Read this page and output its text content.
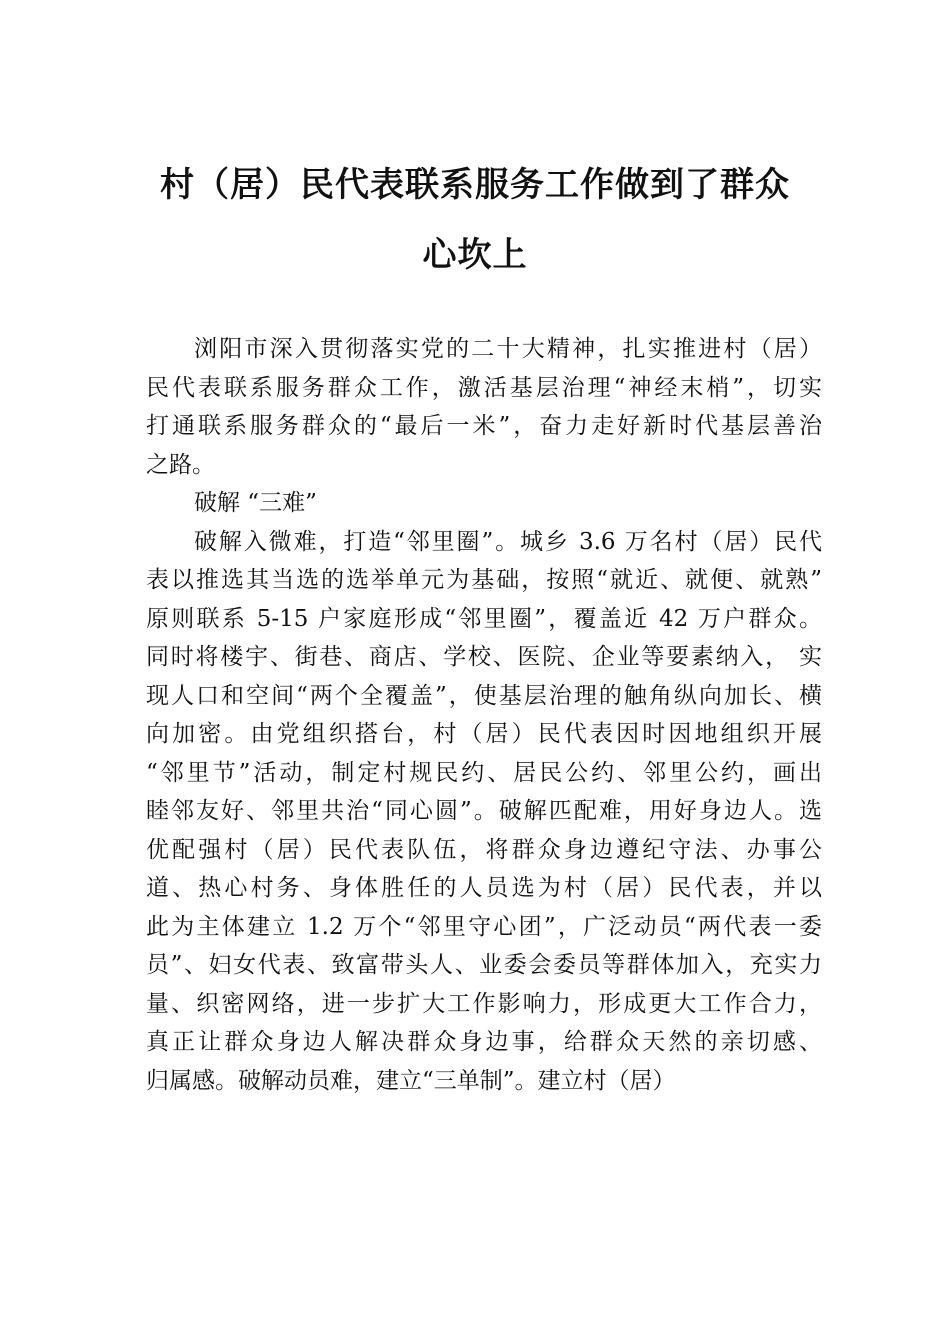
村（居）民代表联系服务工作做到了群众
心坎上
浏阳市深入贯彻落实党的二十大精神，扎实推进村（居）
民代表联系服务群众工作，激活基层治理“神经末梢”，切实
打通联系服务群众的“最后一米”，奋力走好新时代基层善治
之路。
破解 “三难”
破解入微难，打造“邻里圈”。城乡 3.6 万名村（居）民代
表以推选其当选的选举单元为基础，按照“就近、就便、就熟”
原则联系 5-15 户家庭形成“邻里圈”，覆盖近 42 万户群众。
同时将楼宇、街巷、商店、学校、医院、企业等要素纳入， 实
现人口和空间“两个全覆盖”，使基层治理的触角纵向加长、横
向加密。由党组织搭台，村（居）民代表因时因地组织开展
“邻里节”活动，制定村规民约、居民公约、邻里公约，画出
睦邻友好、邻里共治“同心圆”。破解匹配难，用好身边人。选
优配强村（居）民代表队伍，将群众身边遵纪守法、办事公
道、热心村务、身体胜任的人员选为村（居）民代表，并以
此为主体建立 1.2 万个“邻里守心团”，广泛动员“两代表一委
员”、妇女代表、致富带头人、业委会委员等群体加入，充实力
量、织密网络，进一步扩大工作影响力，形成更大工作合力，
真正让群众身边人解决群众身边事，给群众天然的亲切感、
归属感。破解动员难，建立“三单制”。建立村（居）
